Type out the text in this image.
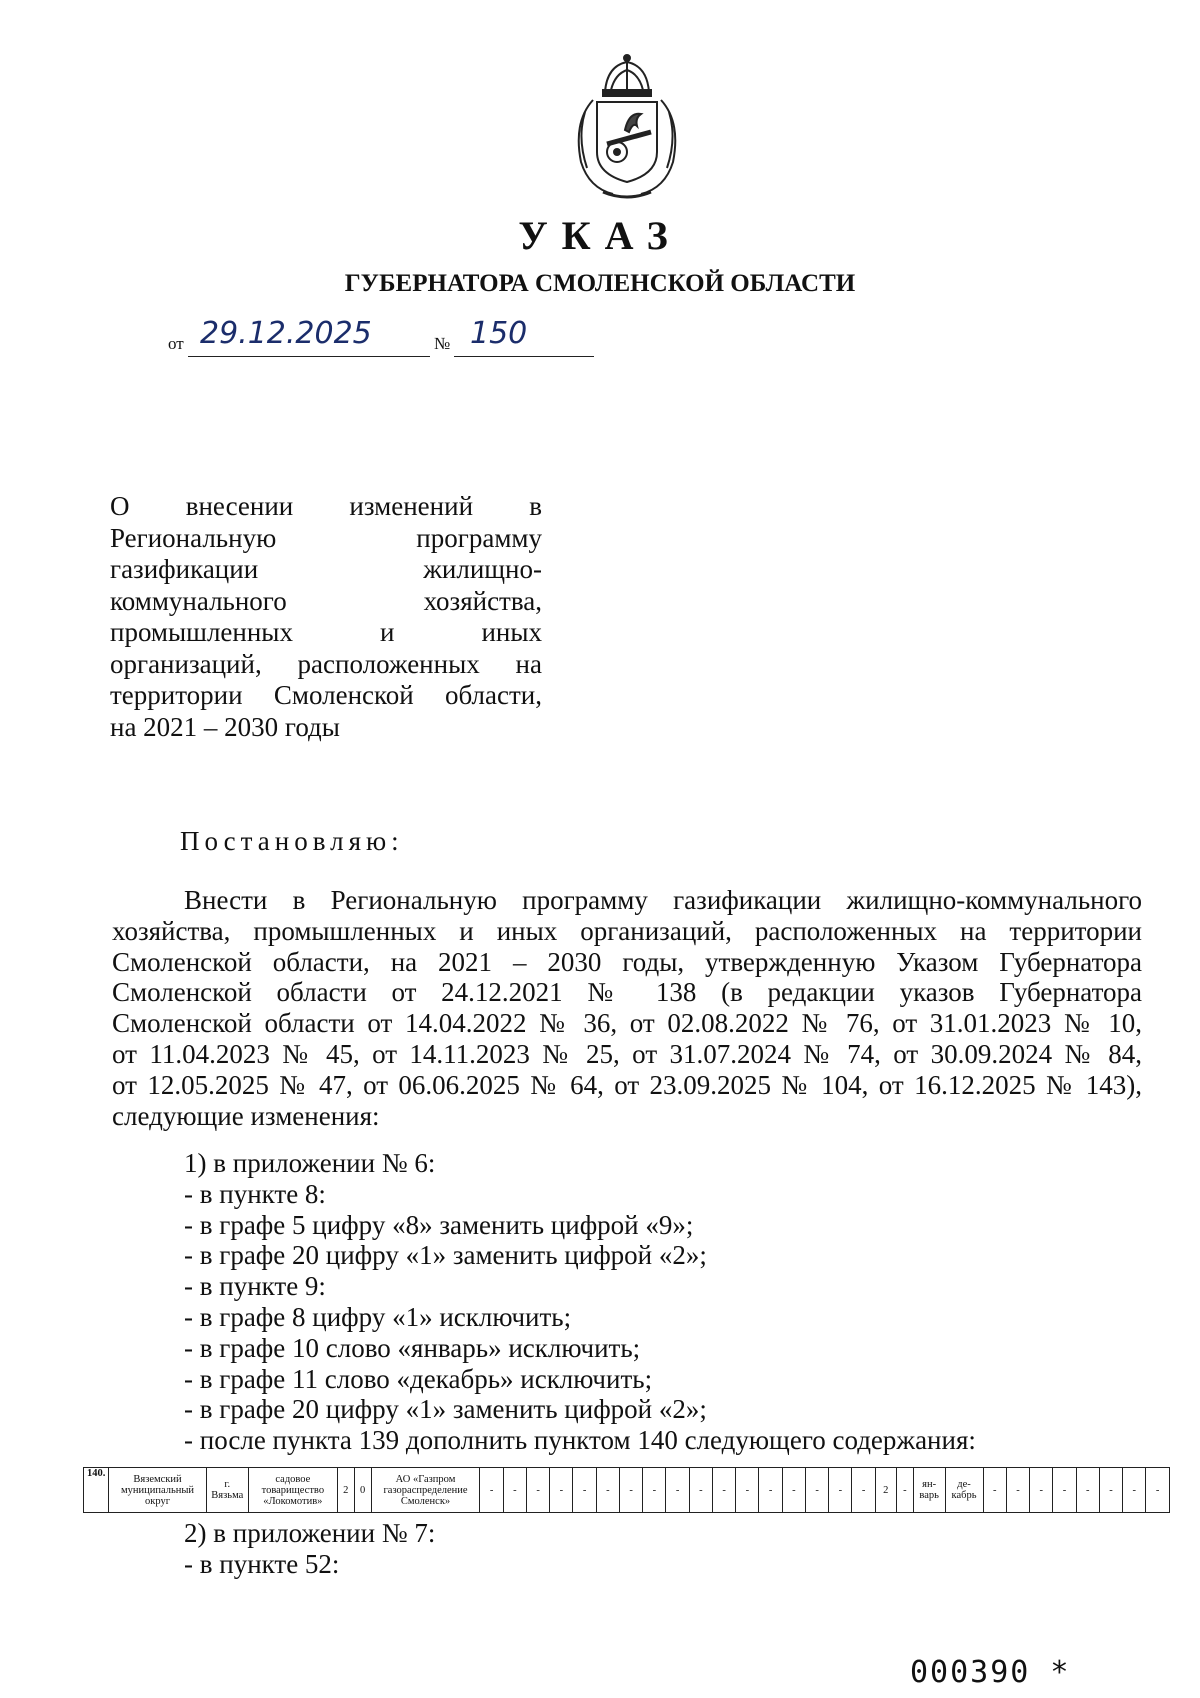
УКАЗ
ГУБЕРНАТОРА СМОЛЕНСКОЙ ОБЛАСТИ
от 29.12.2025	№ 150
О внесении изменений в
Региональную программу
газификации жилищно-
коммунального хозяйства,
промышленных и иных
организаций, расположенных на
территории Смоленской области,
на 2021 – 2030 годы
Постановляю:
Внести в Региональную программу газификации жилищно-коммунального
хозяйства, промышленных и иных организаций, расположенных на территории
Смоленской области, на 2021 – 2030 годы, утвержденную Указом Губернатора
Смоленской области от 24.12.2021 № 138 (в редакции указов Губернатора
Смоленской области от 14.04.2022 № 36, от 02.08.2022 № 76, от 31.01.2023 № 10,
от 11.04.2023 № 45, от 14.11.2023 № 25, от 31.07.2024 № 74, от 30.09.2024 № 84,
от 12.05.2025 № 47, от 06.06.2025 № 64, от 23.09.2025 № 104, от 16.12.2025 № 143),
следующие изменения:
1) в приложении № 6:
- в пункте 8:
- в графе 5 цифру «8» заменить цифрой «9»;
- в графе 20 цифру «1» заменить цифрой «2»;
- в пункте 9:
- в графе 8 цифру «1» исключить;
- в графе 10 слово «январь» исключить;
- в графе 11 слово «декабрь» исключить;
- в графе 20 цифру «1» заменить цифрой «2»;
- после пункта 139 дополнить пунктом 140 следующего содержания:
140.	Вяземский муниципальный округ	г. Вязьма	садовое товарищество «Локомотив»	2	0	АО «Газпром газораспределение Смоленск»	-	-	-	-	-	-	-	-	-	-	-	-	-	-	-	-	-	2	-	ян-варь	де-кабрь	-	-	-	-	-	-	-	-
2) в приложении № 7:
- в пункте 52:
000390 *
